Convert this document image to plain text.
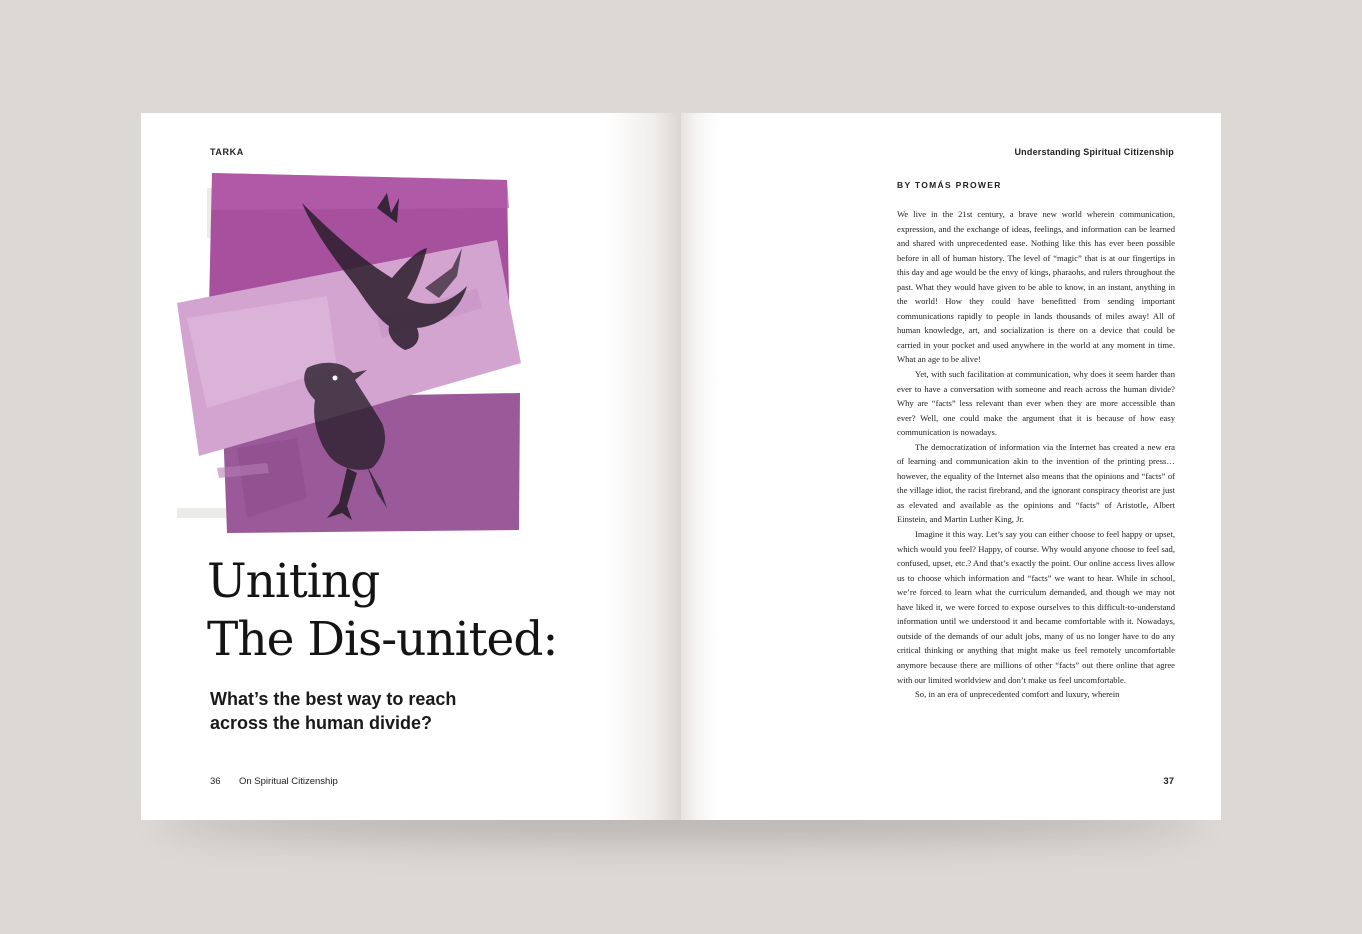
TARKA
Uniting
The Dis-united:
What’s the best way to reach
across the human divide?
36 On Spiritual Citizenship
Understanding Spiritual Citizenship
BY TOMÁS PROWER

We live in the 21st century, a brave new world wherein communication, expression, and the exchange of ideas, feelings, and information can be learned and shared with unprecedented ease. Nothing like this has ever been possible before in all of human history. The level of “magic” that is at our fingertips in this day and age would be the envy of kings, pharaohs, and rulers throughout the past. What they would have given to be able to know, in an instant, anything in the world! How they could have benefitted from sending important communications rapidly to people in lands thousands of miles away! All of human knowledge, art, and socialization is there on a device that could be carried in your pocket and used anywhere in the world at any moment in time. What an age to be alive!

Yet, with such facilitation at communication, why does it seem harder than ever to have a conversation with someone and reach across the human divide? Why are “facts” less relevant than ever when they are more accessible than ever? Well, one could make the argument that it is because of how easy communication is nowadays.

The democratization of information via the Internet has created a new era of learning and communication akin to the invention of the printing press… however, the equality of the Internet also means that the opinions and “facts” of the village idiot, the racist firebrand, and the ignorant conspiracy theorist are just as elevated and available as the opinions and “facts” of Aristotle, Albert Einstein, and Martin Luther King, Jr.

Imagine it this way. Let’s say you can either choose to feel happy or upset, which would you feel? Happy, of course. Why would anyone choose to feel sad, confused, upset, etc.? And that’s exactly the point. Our online access lives allow us to choose which information and “facts” we want to hear. While in school, we’re forced to learn what the curriculum demanded, and though we may not have liked it, we were forced to expose ourselves to this difficult-to-understand information until we understood it and became comfortable with it. Nowadays, outside of the demands of our adult jobs, many of us no longer have to do any critical thinking or anything that might make us feel remotely uncomfortable anymore because there are millions of other “facts” out there online that agree with our limited worldview and don’t make us feel uncomfortable.

So, in an era of unprecedented comfort and luxury, wherein

37
